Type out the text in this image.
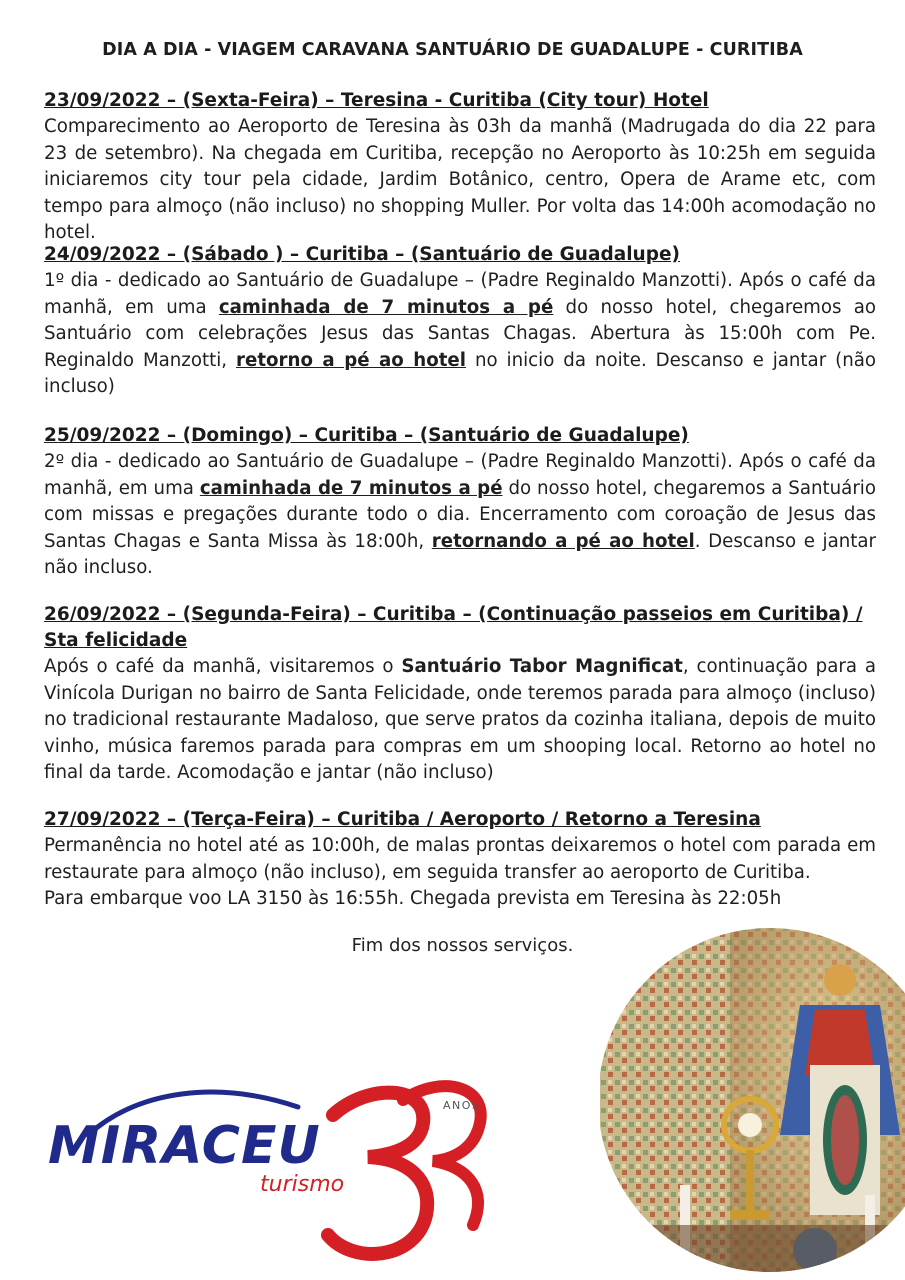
DIA A DIA - VIAGEM CARAVANA SANTUÁRIO DE GUADALUPE - CURITIBA
23/09/2022 – (Sexta-Feira) – Teresina - Curitiba (City tour) Hotel
Comparecimento ao Aeroporto de Teresina às 03h da manhã (Madrugada do dia 22 para 23 de setembro). Na chegada em Curitiba, recepção no Aeroporto às 10:25h em seguida iniciaremos city tour pela cidade, Jardim Botânico, centro, Opera de Arame etc, com tempo para almoço (não incluso) no shopping Muller. Por volta das 14:00h acomodação no hotel.
24/09/2022 – (Sábado ) – Curitiba – (Santuário de Guadalupe)
1º dia - dedicado ao Santuário de Guadalupe – (Padre Reginaldo Manzotti). Após o café da manhã, em uma caminhada de 7 minutos a pé do nosso hotel, chegaremos ao Santuário com celebrações Jesus das Santas Chagas. Abertura às 15:00h com Pe. Reginaldo Manzotti, retorno a pé ao hotel no inicio da noite. Descanso e jantar (não incluso)
25/09/2022 – (Domingo) – Curitiba – (Santuário de Guadalupe)
2º dia - dedicado ao Santuário de Guadalupe – (Padre Reginaldo Manzotti). Após o café da manhã, em uma caminhada de 7 minutos a pé do nosso hotel, chegaremos a Santuário com missas e pregações durante todo o dia. Encerramento com coroação de Jesus das Santas Chagas e Santa Missa às 18:00h, retornando a pé ao hotel. Descanso e jantar não incluso.
26/09/2022 – (Segunda-Feira) – Curitiba – (Continuação passeios em Curitiba) / Sta felicidade
Após o café da manhã, visitaremos o Santuário Tabor Magnificat, continuação para a Vinícola Durigan no bairro de Santa Felicidade, onde teremos parada para almoço (incluso) no tradicional restaurante Madaloso, que serve pratos da cozinha italiana, depois de muito vinho, música faremos parada para compras em um shooping local. Retorno ao hotel no final da tarde. Acomodação e jantar (não incluso)
27/09/2022 – (Terça-Feira) – Curitiba / Aeroporto / Retorno a Teresina
Permanência no hotel até as 10:00h, de malas prontas deixaremos o hotel com parada em restaurate para almoço (não incluso), em seguida transfer ao aeroporto de Curitiba.
Para embarque voo LA 3150 às 16:55h. Chegada prevista em Teresina às 22:05h
Fim dos nossos serviços.
MIRACEU
turismo
ANOS
